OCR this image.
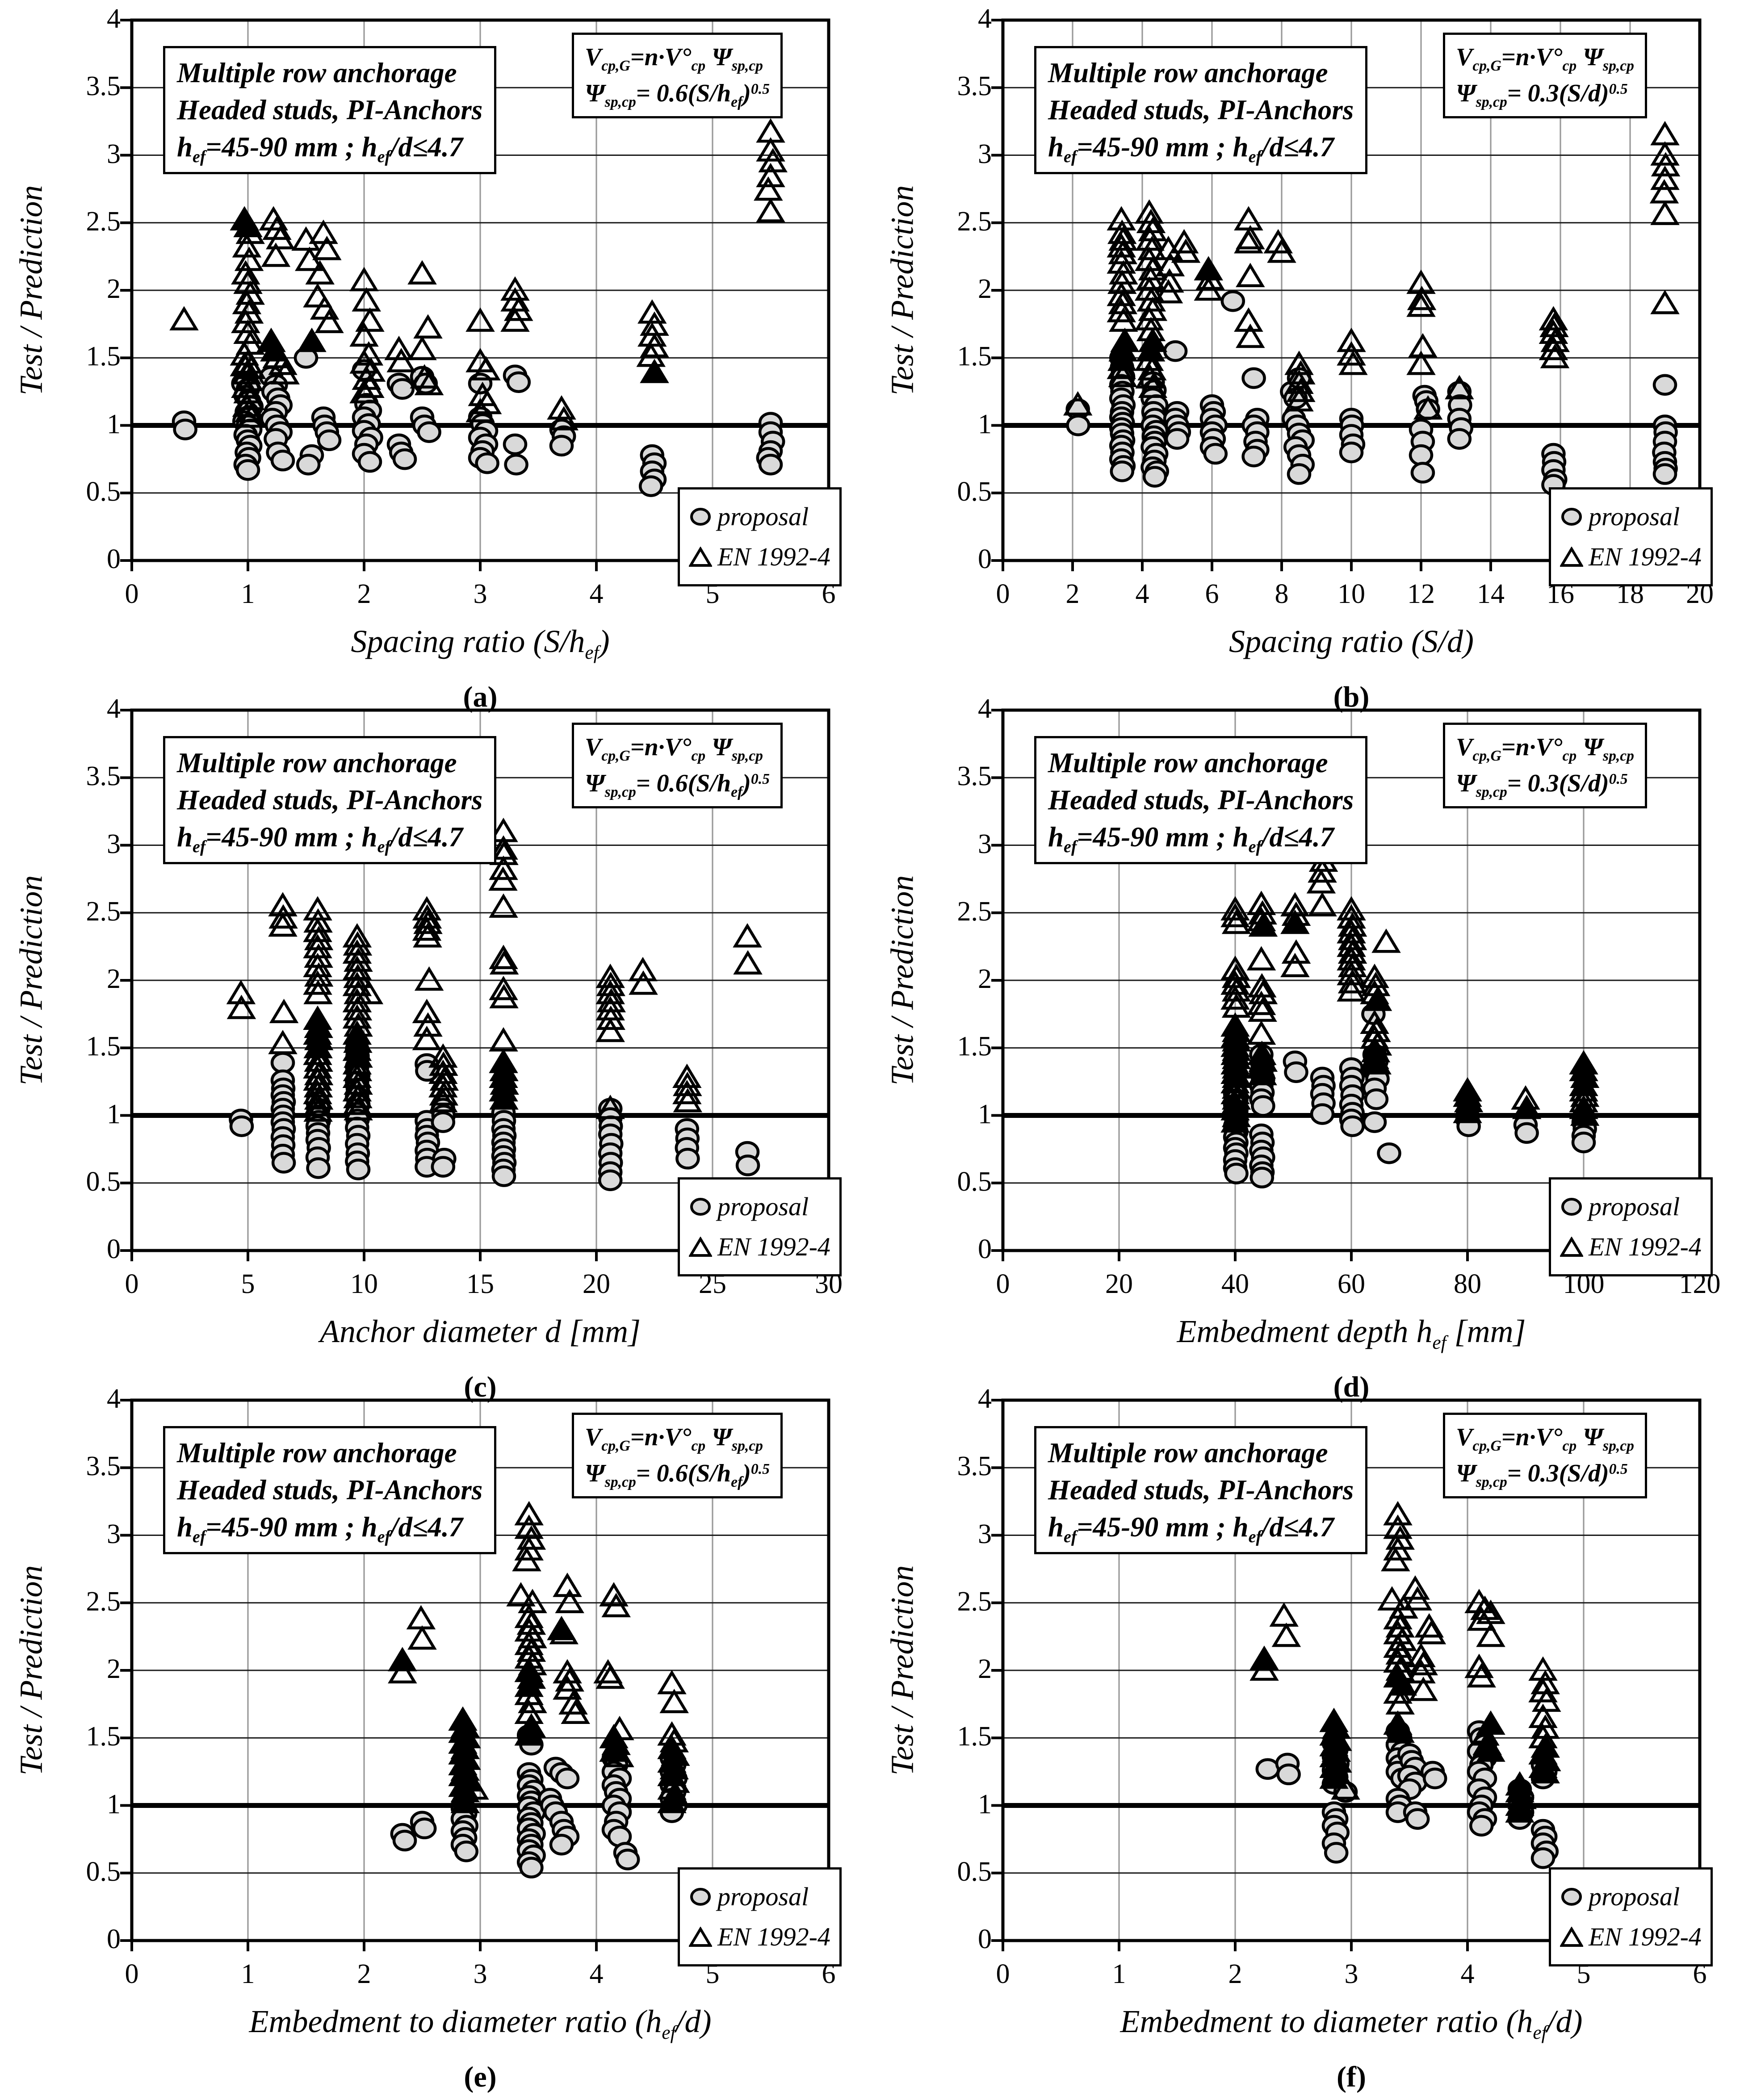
Test / Prediction
0
0.5
1
1.5
2
2.5
3
3.5
4
Multiple row anchorage
Headed studs, PI-Anchors
$h_{ef}=45-90$ mm ; $h_{ef}/d\le 4.7$
$V_{cp,G}=n\cdot V^\circ_{cp}$ $\Psi_{sp,cp}$
$\Psi_{sp,cp}= 0.6(S/h_{ef})^{0.5}$
proposal
EN 1992-4
0	1	2	3	4	5	6
Spacing ratio $(S/h_{ef})$
(a)
Test / Prediction
0
0.5
1
1.5
2
2.5
3
3.5
4
Multiple row anchorage
Headed studs, PI-Anchors
$h_{ef}=45-90$ mm ; $h_{ef}/d\le 4.7$
$V_{cp,G}=n\cdot V^\circ_{cp}$ $\Psi_{sp,cp}$
$\Psi_{sp,cp}= 0.3(S/d)^{0.5}$
proposal
EN 1992-4
0	2	4	6	8	10	12	14	16	18	20
Spacing ratio (S/d)
(b)
Test / Prediction
0
0.5
1
1.5
2
2.5
3
3.5
4
Multiple row anchorage
Headed studs, PI-Anchors
$h_{ef}=45-90$ mm ; $h_{ef}/d\le 4.7$
$V_{cp,G}=n\cdot V^\circ_{cp}$ $\Psi_{sp,cp}$
$\Psi_{sp,cp}= 0.6(S/h_{ef})^{0.5}$
proposal
EN 1992-4
0	5	10	15	20	25	30
Anchor diameter d [mm]
(c)
Test / Prediction
0
0.5
1
1.5
2
2.5
3
3.5
4
Multiple row anchorage
Headed studs, PI-Anchors
$h_{ef}=45-90$ mm ; $h_{ef}/d\le 4.7$
$V_{cp,G}=n\cdot V^\circ_{cp}$ $\Psi_{sp,cp}$
$\Psi_{sp,cp}= 0.3(S/d)^{0.5}$
proposal
EN 1992-4
0	20	40	60	80	100	120
Embedment depth $h_{ef}$ [mm]
(d)
Test / Prediction
0
0.5
1
1.5
2
2.5
3
3.5
4
Multiple row anchorage
Headed studs, PI-Anchors
$h_{ef}=45-90$ mm ; $h_{ef}/d\le 4.7$
$V_{cp,G}=n\cdot V^\circ_{cp}$ $\Psi_{sp,cp}$
$\Psi_{sp,cp}= 0.6(S/h_{ef})^{0.5}$
proposal
EN 1992-4
0	1	2	3	4	5	6
Embedment to diameter ratio $(h_{ef}/d)$
(e)
Test / Prediction
0
0.5
1
1.5
2
2.5
3
3.5
4
Multiple row anchorage
Headed studs, PI-Anchors
$h_{ef}=45-90$ mm ; $h_{ef}/d\le 4.7$
$V_{cp,G}=n\cdot V^\circ_{cp}$ $\Psi_{sp,cp}$
$\Psi_{sp,cp}= 0.3(S/d)^{0.5}$
proposal
EN 1992-4
0	1	2	3	4	5	6
Embedment to diameter ratio $(h_{ef}/d)$
(f)
